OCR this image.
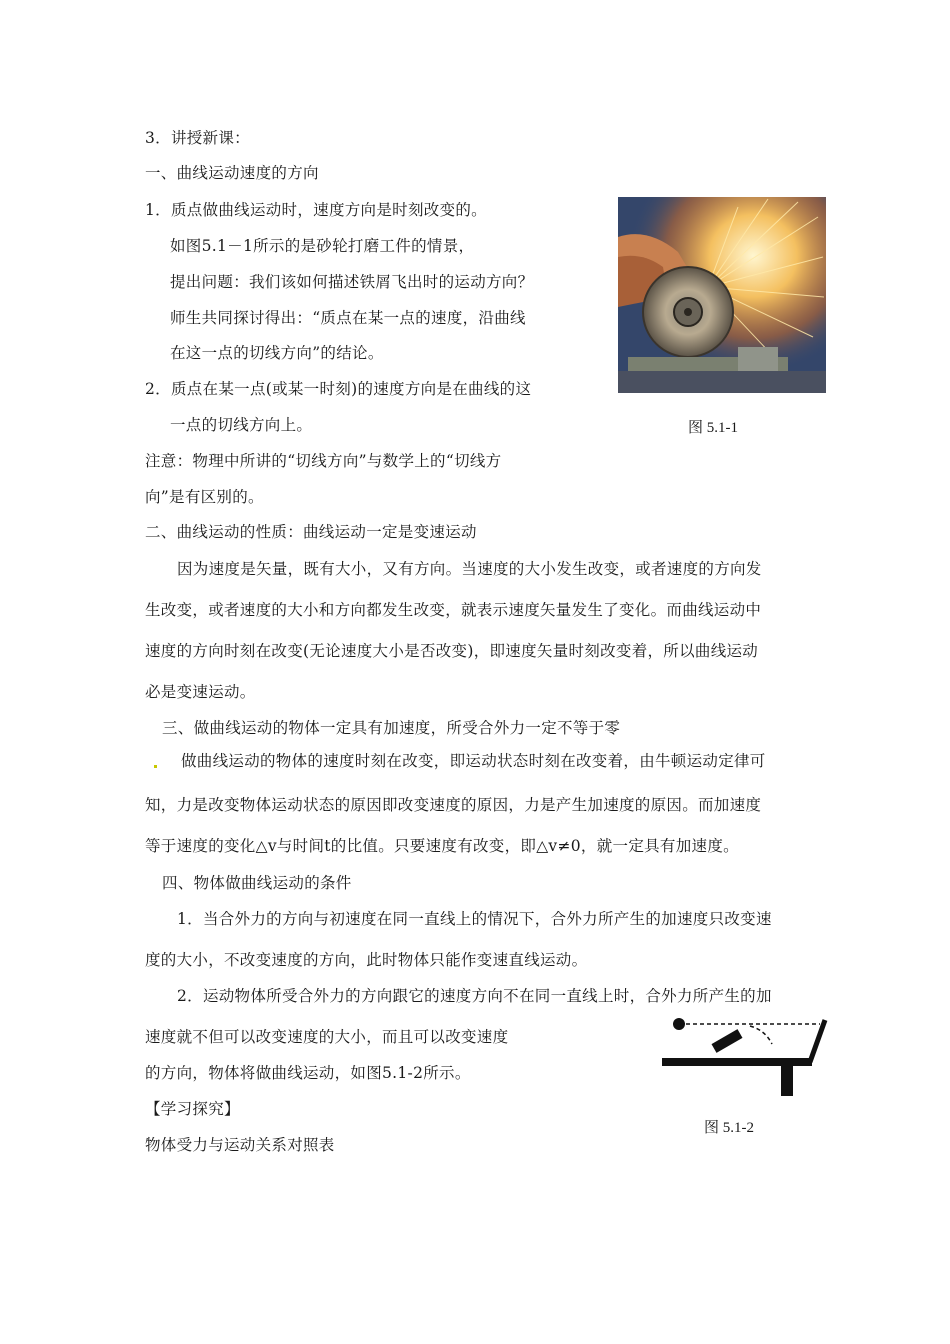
3．讲授新课：
一、曲线运动速度的方向
1．质点做曲线运动时，速度方向是时刻改变的。
如图5.1－1所示的是砂轮打磨工件的情景，
提出问题：我们该如何描述铁屑飞出时的运动方向？
师生共同探讨得出：“质点在某一点的速度，沿曲线
在这一点的切线方向”的结论。
2．质点在某一点(或某一时刻)的速度方向是在曲线的这
一点的切线方向上。
注意：物理中所讲的“切线方向”与数学上的“切线方
向”是有区别的。
二、曲线运动的性质：曲线运动一定是变速运动
因为速度是矢量，既有大小，又有方向。当速度的大小发生改变，或者速度的方向发
生改变，或者速度的大小和方向都发生改变，就表示速度矢量发生了变化。而曲线运动中
速度的方向时刻在改变(无论速度大小是否改变)，即速度矢量时刻改变着，所以曲线运动
必是变速运动。
三、做曲线运动的物体一定具有加速度，所受合外力一定不等于零
做曲线运动的物体的速度时刻在改变，即运动状态时刻在改变着，由牛顿运动定律可
知，力是改变物体运动状态的原因即改变速度的原因，力是产生加速度的原因。而加速度
等于速度的变化△v与时间t的比值。只要速度有改变，即△v≠0，就一定具有加速度。
四、物体做曲线运动的条件
1．当合外力的方向与初速度在同一直线上的情况下，合外力所产生的加速度只改变速
度的大小，不改变速度的方向，此时物体只能作变速直线运动。
2．运动物体所受合外力的方向跟它的速度方向不在同一直线上时，合外力所产生的加
速度就不但可以改变速度的大小，而且可以改变速度
的方向，物体将做曲线运动，如图5.1-2所示。
【学习探究】
物体受力与运动关系对照表
图 5.1-1
图 5.1-2
